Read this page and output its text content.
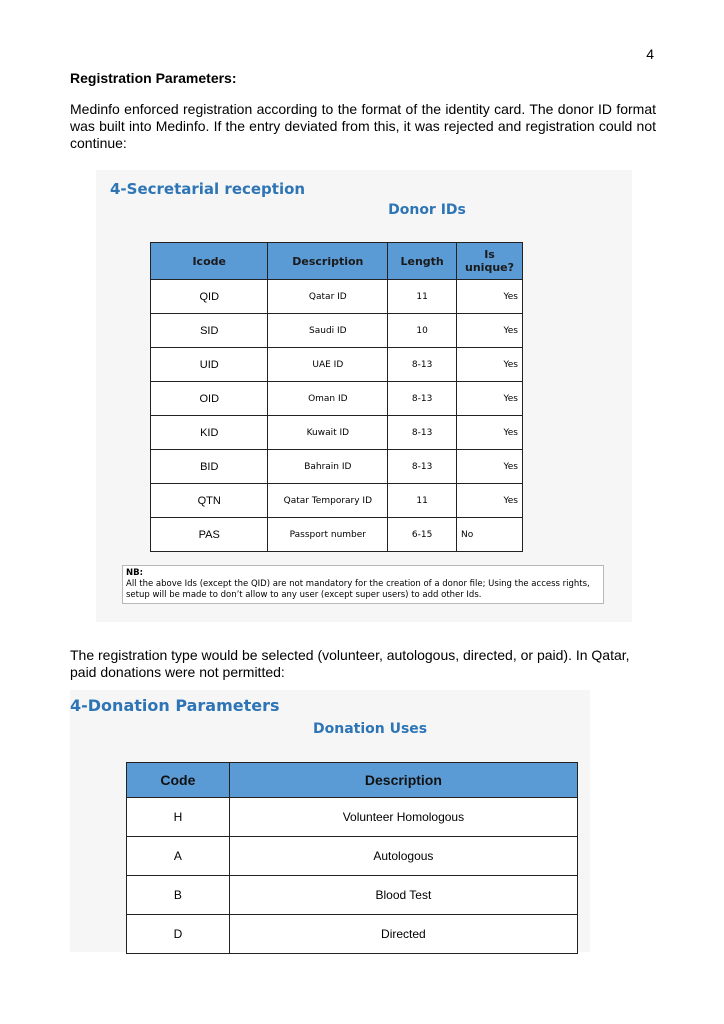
4
Registration Parameters:
Medinfo enforced registration according to the format of the identity card. The donor ID format was built into Medinfo. If the entry deviated from this, it was rejected and registration could not continue:
4-Secretarial reception
Donor IDs
Icode	Description	Length	Is unique?
QID	Qatar ID	11	Yes
SID	Saudi ID	10	Yes
UID	UAE ID	8-13	Yes
OID	Oman ID	8-13	Yes
KID	Kuwait ID	8-13	Yes
BID	Bahrain ID	8-13	Yes
QTN	Qatar Temporary ID	11	Yes
PAS	Passport number	6-15	No
NB:
All the above Ids (except the QID) are not mandatory for the creation of a donor file; Using the access rights, setup will be made to don’t allow to any user (except super users) to add other Ids.
The registration type would be selected (volunteer, autologous, directed, or paid). In Qatar, paid donations were not permitted:
4-Donation Parameters
Donation Uses
Code	Description
H	Volunteer Homologous
A	Autologous
B	Blood Test
D	Directed
